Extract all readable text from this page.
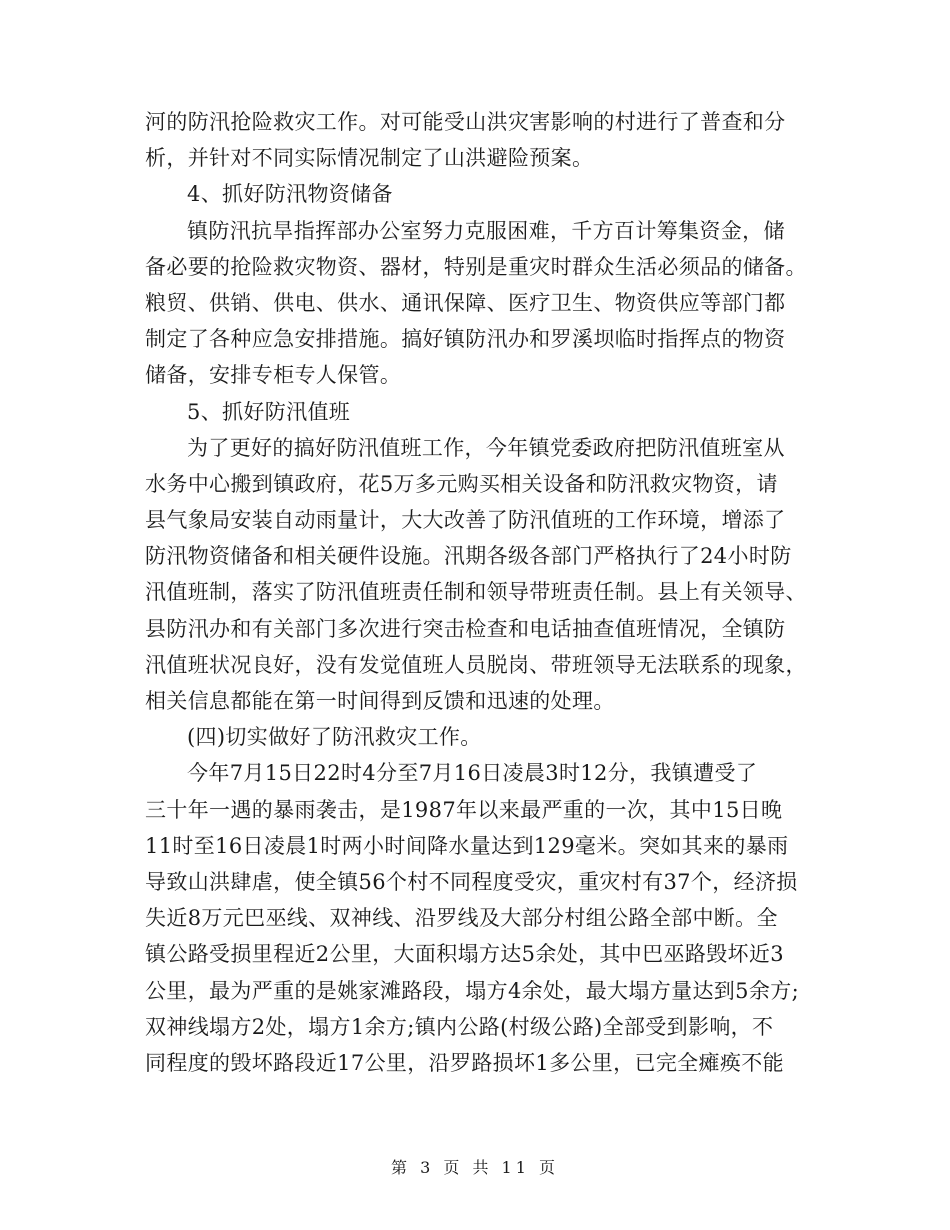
河的防汛抢险救灾工作。对可能受山洪灾害影响的村进行了普查和分
析，并针对不同实际情况制定了山洪避险预案。
4、抓好防汛物资储备
镇防汛抗旱指挥部办公室努力克服困难，千方百计筹集资金，储
备必要的抢险救灾物资、器材，特别是重灾时群众生活必须品的储备。
粮贸、供销、供电、供水、通讯保障、医疗卫生、物资供应等部门都
制定了各种应急安排措施。搞好镇防汛办和罗溪坝临时指挥点的物资
储备，安排专柜专人保管。
5、抓好防汛值班
为了更好的搞好防汛值班工作，今年镇党委政府把防汛值班室从
水务中心搬到镇政府，花5万多元购买相关设备和防汛救灾物资，请
县气象局安装自动雨量计，大大改善了防汛值班的工作环境，增添了
防汛物资储备和相关硬件设施。汛期各级各部门严格执行了24小时防
汛值班制，落实了防汛值班责任制和领导带班责任制。县上有关领导、
县防汛办和有关部门多次进行突击检查和电话抽查值班情况，全镇防
汛值班状况良好，没有发觉值班人员脱岗、带班领导无法联系的现象，
相关信息都能在第一时间得到反馈和迅速的处理。
(四)切实做好了防汛救灾工作。
今年7月15日22时4分至7月16日凌晨3时12分，我镇遭受了
三十年一遇的暴雨袭击，是1987年以来最严重的一次，其中15日晚
11时至16日凌晨1时两小时间降水量达到129毫米。突如其来的暴雨
导致山洪肆虐，使全镇56个村不同程度受灾，重灾村有37个，经济损
失近8万元巴巫线、双神线、沿罗线及大部分村组公路全部中断。全
镇公路受损里程近2公里，大面积塌方达5余处，其中巴巫路毁坏近3
公里，最为严重的是姚家滩路段，塌方4余处，最大塌方量达到5余方;
双神线塌方2处，塌方1余方;镇内公路(村级公路)全部受到影响，不
同程度的毁坏路段近17公里，沿罗路损坏1多公里，已完全瘫痪不能
第 3 页 共 11 页
